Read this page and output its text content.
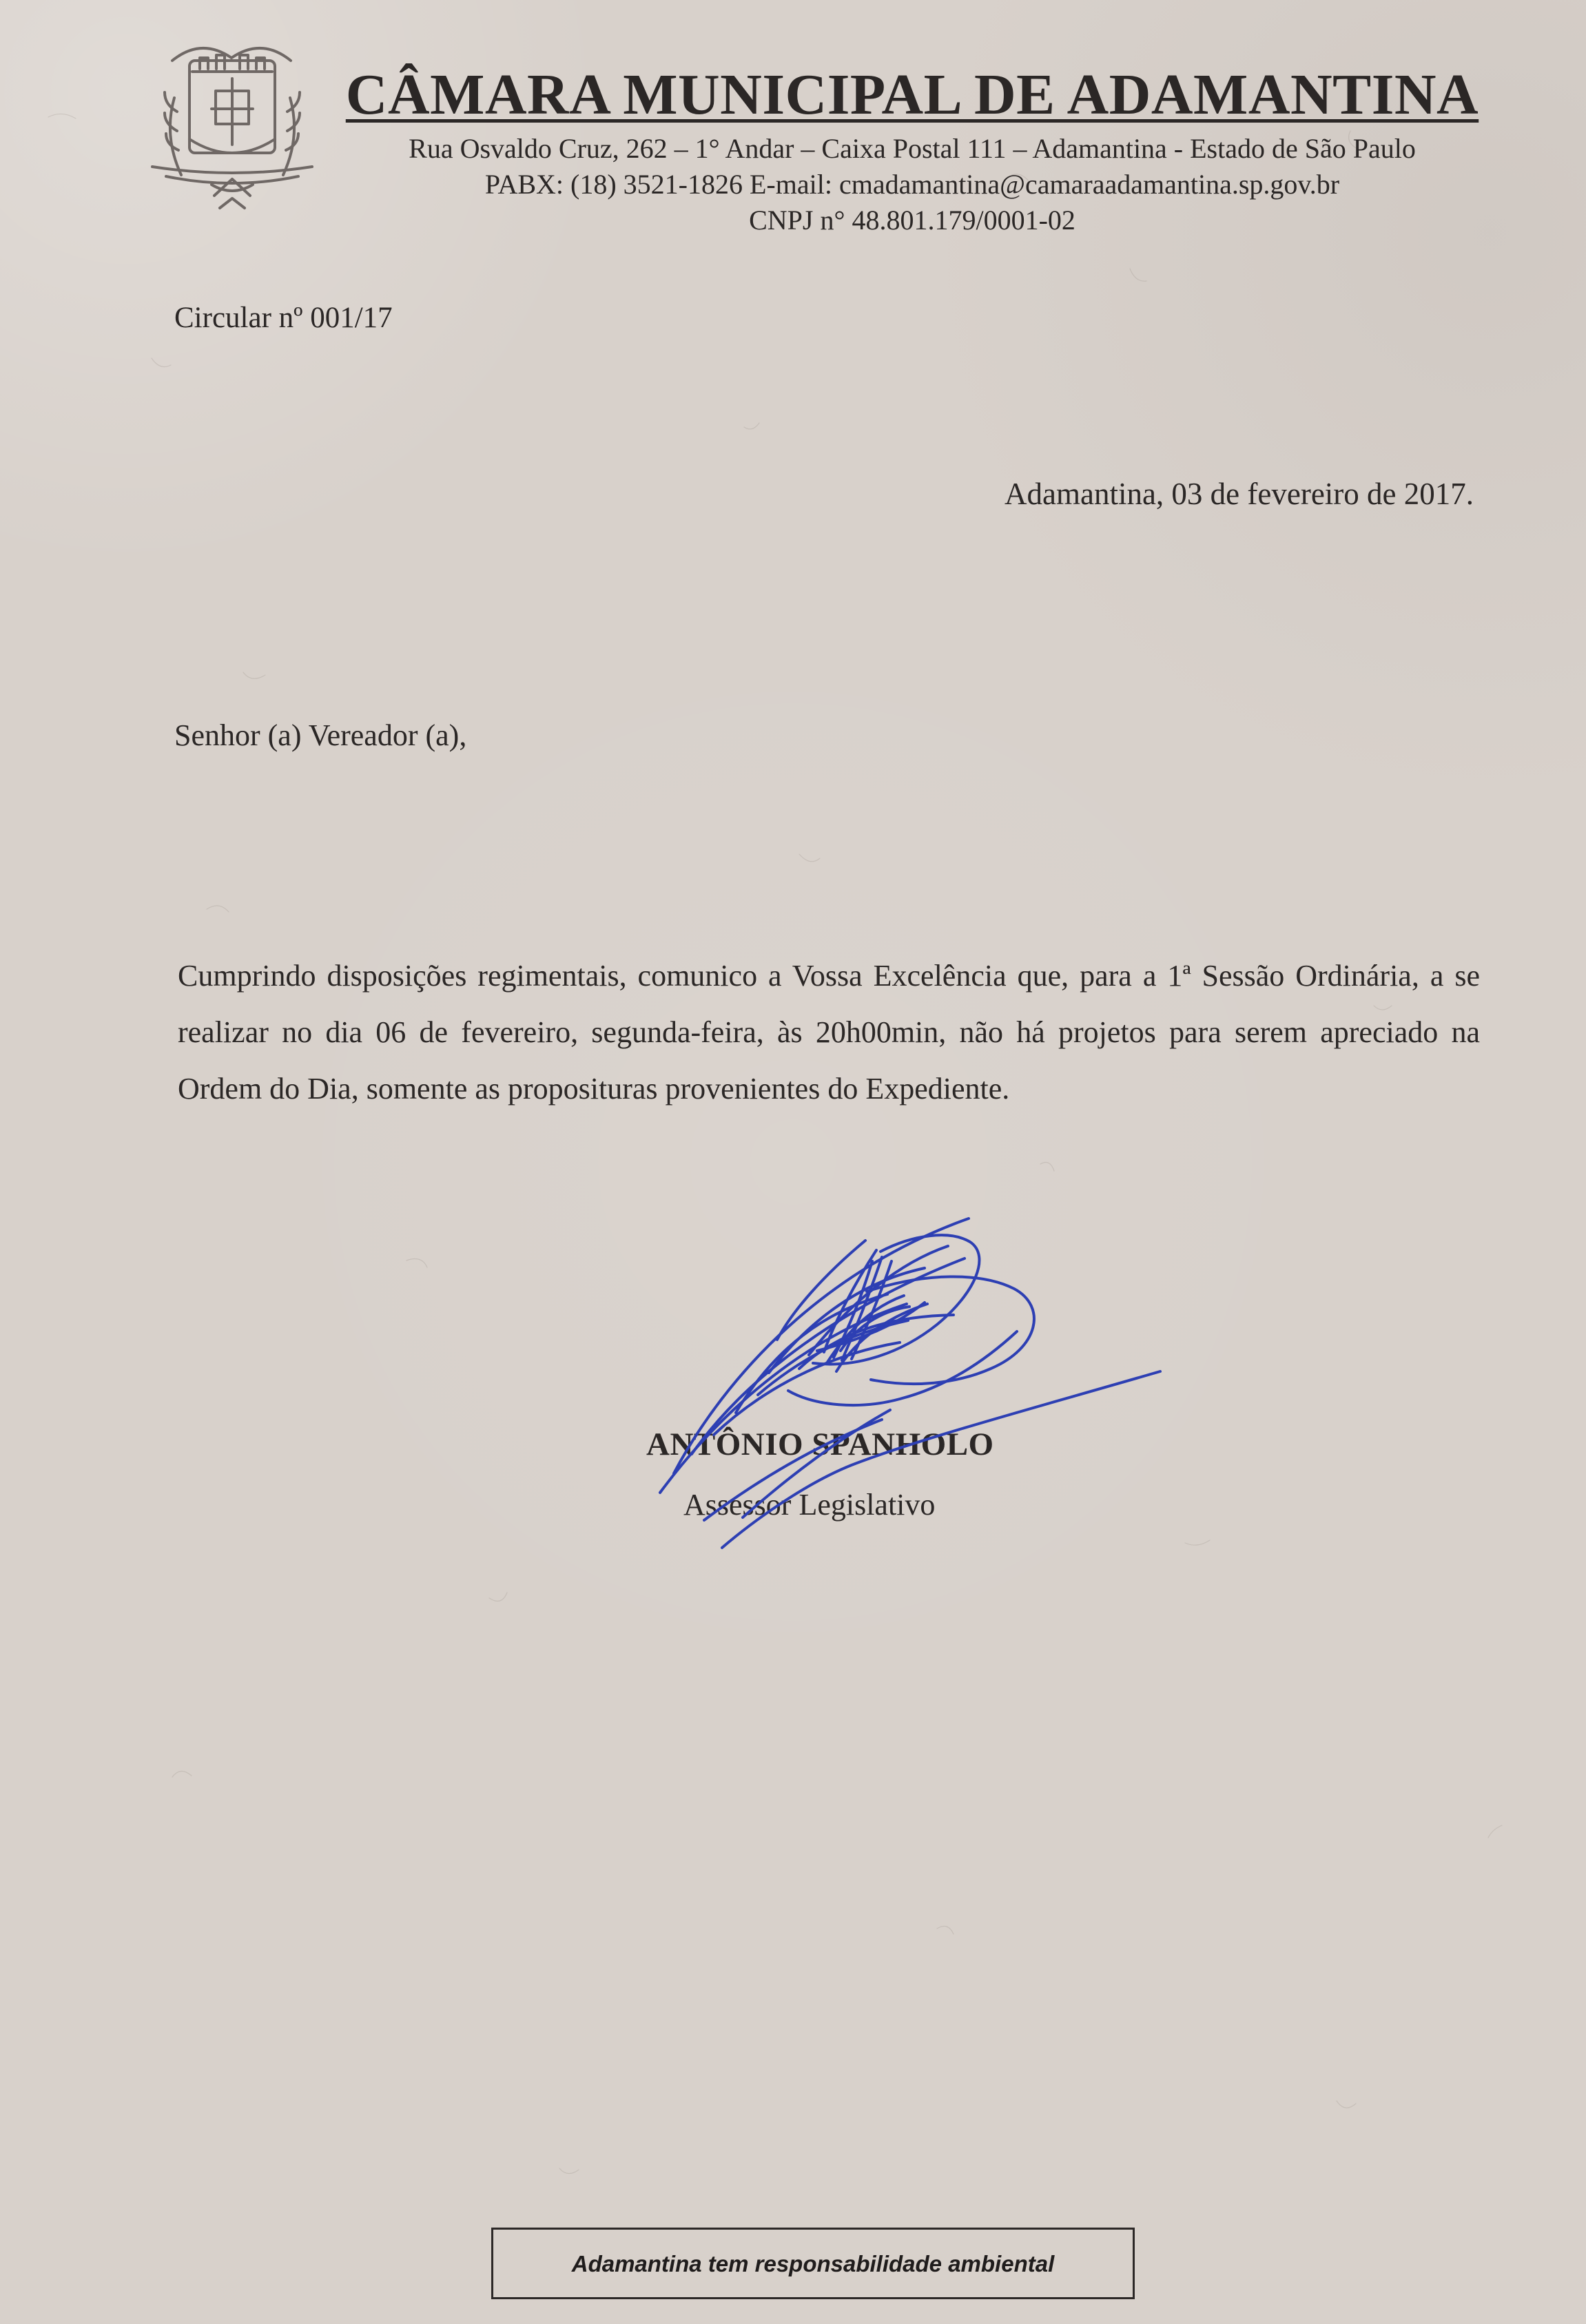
CÂMARA MUNICIPAL DE ADAMANTINA
Rua Osvaldo Cruz, 262 – 1° Andar – Caixa Postal 111 – Adamantina - Estado de São Paulo
PABX: (18) 3521-1826 E-mail: cmadamantina@camaraadamantina.sp.gov.br
CNPJ n° 48.801.179/0001-02
Circular nº 001/17
Adamantina, 03 de fevereiro de 2017.
Senhor (a) Vereador (a),
Cumprindo disposições regimentais, comunico a Vossa Excelência que, para a 1ª Sessão Ordinária, a se realizar no dia 06 de fevereiro, segunda-feira, às 20h00min, não há projetos para serem apreciado na Ordem do Dia, somente as proposituras provenientes do Expediente.
ANTÔNIO SPANHOLO
Assessor Legislativo
Adamantina tem responsabilidade ambiental
